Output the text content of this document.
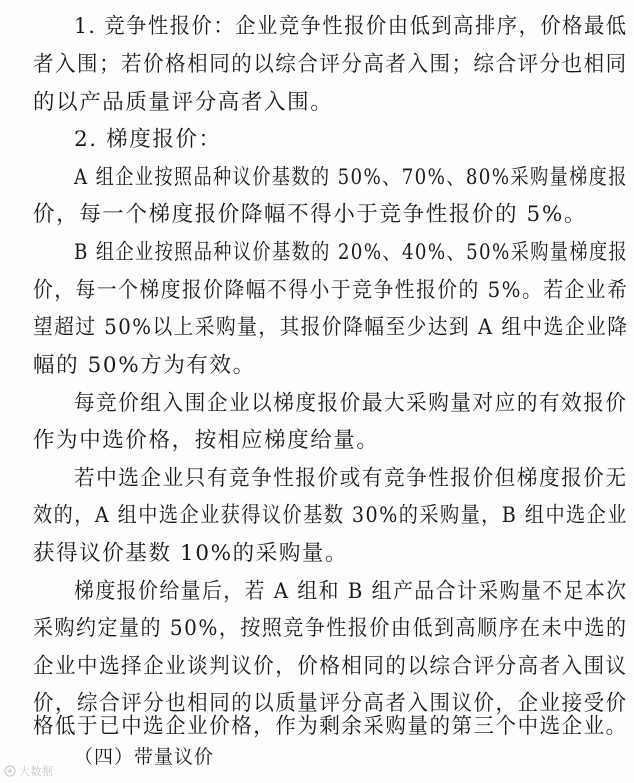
1. 竞争性报价：企业竞争性报价由低到高排序，价格最低
者入围；若价格相同的以综合评分高者入围；综合评分也相同
的以产品质量评分高者入围。
2. 梯度报价：
A 组企业按照品种议价基数的 50%、70%、80%采购量梯度报
价，每一个梯度报价降幅不得小于竞争性报价的 5%。
B 组企业按照品种议价基数的 20%、40%、50%采购量梯度报
价，每一个梯度报价降幅不得小于竞争性报价的 5%。若企业希
望超过 50%以上采购量，其报价降幅至少达到 A 组中选企业降
幅的 50%方为有效。
每竞价组入围企业以梯度报价最大采购量对应的有效报价
作为中选价格，按相应梯度给量。
若中选企业只有竞争性报价或有竞争性报价但梯度报价无
效的，A 组中选企业获得议价基数 30%的采购量，B 组中选企业
获得议价基数 10%的采购量。
梯度报价给量后，若 A 组和 B 组产品合计采购量不足本次
采购约定量的 50%，按照竞争性报价由低到高顺序在未中选的
企业中选择企业谈判议价，价格相同的以综合评分高者入围议
价，综合评分也相同的以质量评分高者入围议价，企业接受价
格低于已中选企业价格，作为剩余采购量的第三个中选企业。
（四）带量议价
大数据
